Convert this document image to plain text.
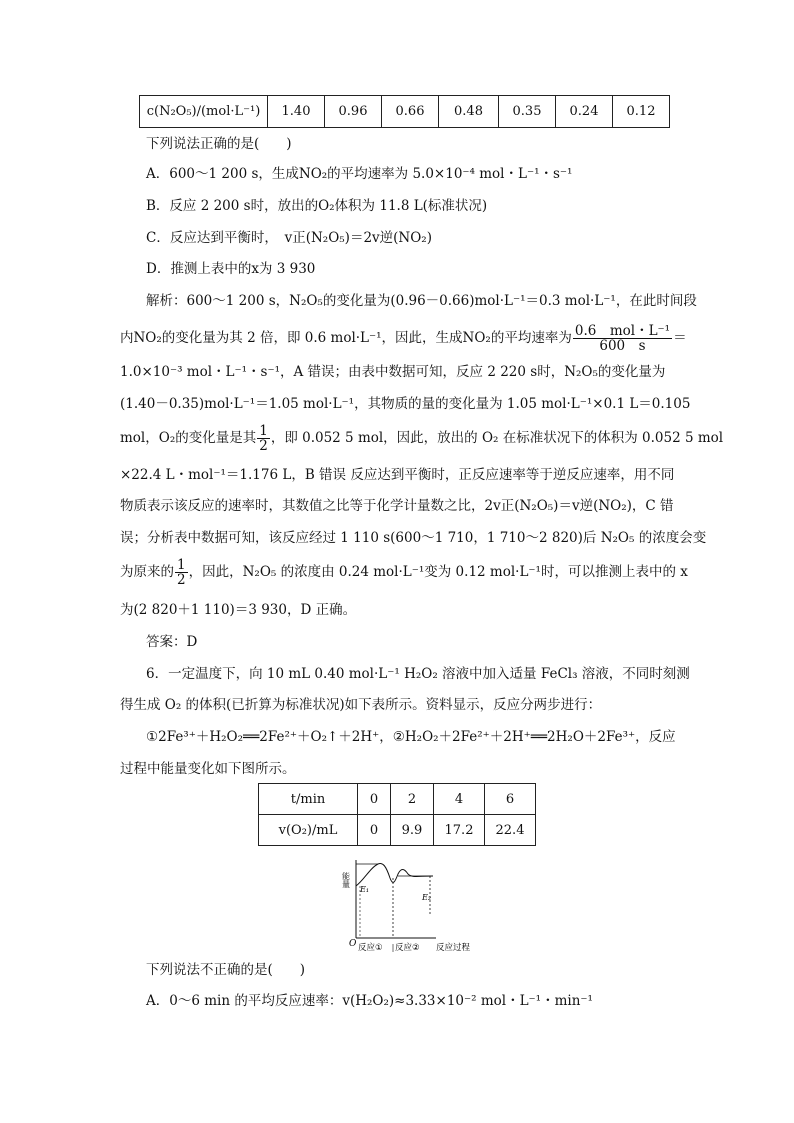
c(N₂O₅)/(mol·L⁻¹)	1.40	0.96	0.66	0.48	0.35	0.24	0.12
下列说法正确的是(　　)
A．600～1 200 s，生成NO₂的平均速率为 5.0×10⁻⁴ mol・L⁻¹・s⁻¹
B．反应 2 200 s时，放出的O₂体积为 11.8 L(标准状况)
C．反应达到平衡时，　v正(N₂O₅)＝2v逆(NO₂)
D．推测上表中的x为 3 930
解析：600～1 200 s，N₂O₅的变化量为(0.96－0.66)mol·L⁻¹＝0.3 mol·L⁻¹，在此时间段
内NO₂的变化量为其 2 倍，即 0.6 mol·L⁻¹，因此，生成NO₂的平均速率为 $\frac{\text{0.6　mol・L⁻¹}}{600 s}$ ＝
1.0×10⁻³ mol・L⁻¹・s⁻¹，A 错误；由表中数据可知，反应 2 220 s时，N₂O₅的变化量为
(1.40－0.35)mol·L⁻¹＝1.05 mol·L⁻¹，其物质的量的变化量为 1.05 mol·L⁻¹×0.1 L＝0.105
mol，O₂的变化量是其 $\frac{1}{2}$ ，即 0.052 5 mol，因此，放出的 O₂ 在标准状况下的体积为 0.052 5 mol
×22.4 L・mol⁻¹＝1.176 L，B 错误 反应达到平衡时，正反应速率等于逆反应速率，用不同
物质表示该反应的速率时，其数值之比等于化学计量数之比，2v正(N₂O₅)＝v逆(NO₂)，C 错
误；分析表中数据可知，该反应经过 1 110 s(600～1 710，1 710～2 820)后 N₂O₅ 的浓度会变
为原来的 $\frac{1}{2}$ ，因此，N₂O₅ 的浓度由 0.24 mol·L⁻¹变为 0.12 mol·L⁻¹时，可以推测上表中的 x
为(2 820＋1 110)＝3 930，D 正确。
答案：D
6．一定温度下，向 10 mL 0.40 mol·L⁻¹ H₂O₂ 溶液中加入适量 FeCl₃ 溶液，不同时刻测
得生成 O₂ 的体积(已折算为标准状况)如下表所示。资料显示，反应分两步进行：
①2Fe³⁺＋H₂O₂══2Fe²⁺＋O₂↑＋2H⁺，②H₂O₂＋2Fe²⁺＋2H⁺══2H₂O＋2Fe³⁺，反应
过程中能量变化如下图所示。
t/min	0	2	4	6
v(O₂)/mL	0	9.9	17.2	22.4
能量
O
E₁
E₂
反应① 反应② 反应过程
下列说法不正确的是(　　)
A．0～6 min 的平均反应速率：v(H₂O₂)≈3.33×10⁻² mol・L⁻¹・min⁻¹
